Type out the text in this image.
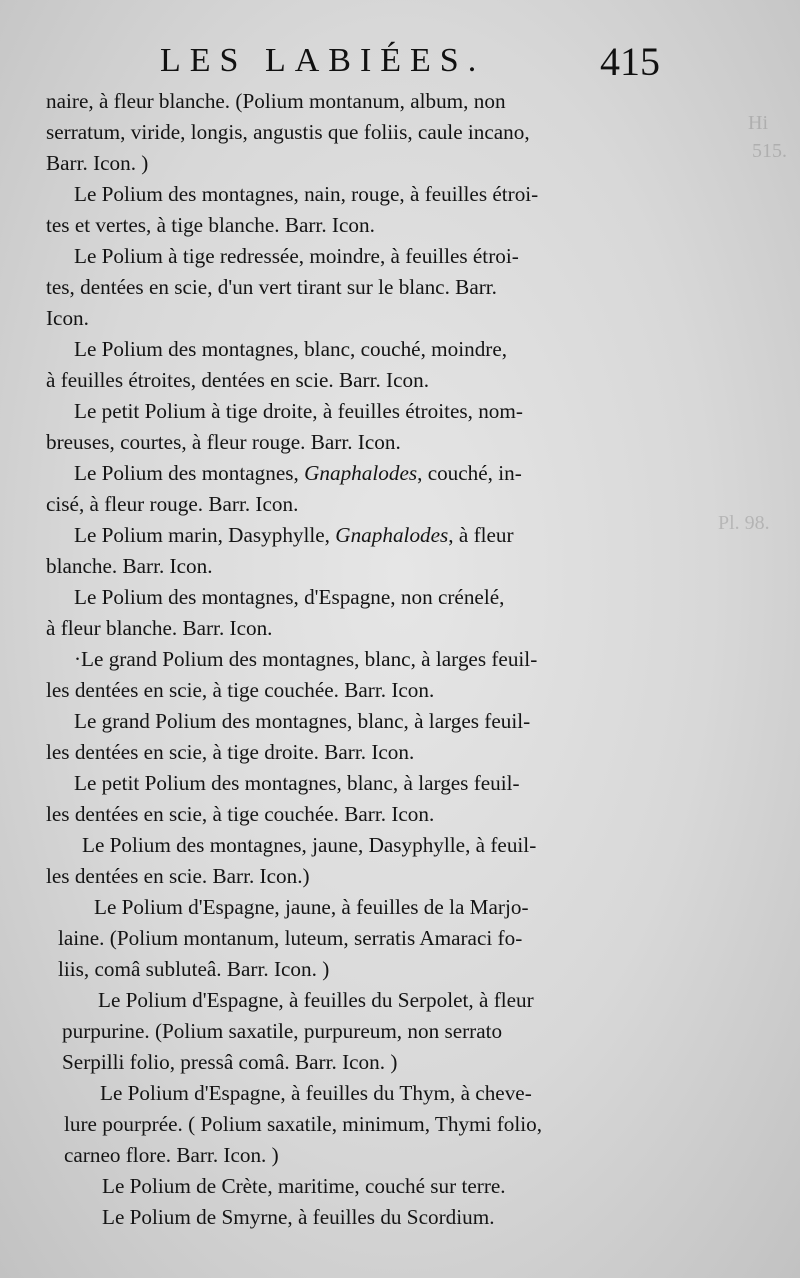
LES LABIÉES.	415
Hi
515.
Pl. 98.
naire, à fleur blanche. (Polium montanum, album, non
serratum, viride, longis, angustis que foliis, caule incano,
Barr. Icon. )
Le Polium des montagnes, nain, rouge, à feuilles étroi-
tes et vertes, à tige blanche. Barr. Icon.
Le Polium à tige redressée, moindre, à feuilles étroi-
tes, dentées en scie, d'un vert tirant sur le blanc. Barr.
Icon.
Le Polium des montagnes, blanc, couché, moindre,
à feuilles étroites, dentées en scie. Barr. Icon.
Le petit Polium à tige droite, à feuilles étroites, nom-
breuses, courtes, à fleur rouge. Barr. Icon.
Le Polium des montagnes, Gnaphalodes, couché, in-
cisé, à fleur rouge. Barr. Icon.
Le Polium marin, Dasyphylle, Gnaphalodes, à fleur
blanche. Barr. Icon.
Le Polium des montagnes, d'Espagne, non crénelé,
à fleur blanche. Barr. Icon.
·Le grand Polium des montagnes, blanc, à larges feuil-
les dentées en scie, à tige couchée. Barr. Icon.
Le grand Polium des montagnes, blanc, à larges feuil-
les dentées en scie, à tige droite. Barr. Icon.
Le petit Polium des montagnes, blanc, à larges feuil-
les dentées en scie, à tige couchée. Barr. Icon.
Le Polium des montagnes, jaune, Dasyphylle, à feuil-
les dentées en scie. Barr. Icon.)
Le Polium d'Espagne, jaune, à feuilles de la Marjo-
laine. (Polium montanum, luteum, serratis Amaraci fo-
liis, comâ subluteâ. Barr. Icon. )
Le Polium d'Espagne, à feuilles du Serpolet, à fleur
purpurine. (Polium saxatile, purpureum, non serrato
Serpilli folio, pressâ comâ. Barr. Icon. )
Le Polium d'Espagne, à feuilles du Thym, à cheve-
lure pourprée. ( Polium saxatile, minimum, Thymi folio,
carneo flore. Barr. Icon. )
Le Polium de Crète, maritime, couché sur terre.
Le Polium de Smyrne, à feuilles du Scordium.
